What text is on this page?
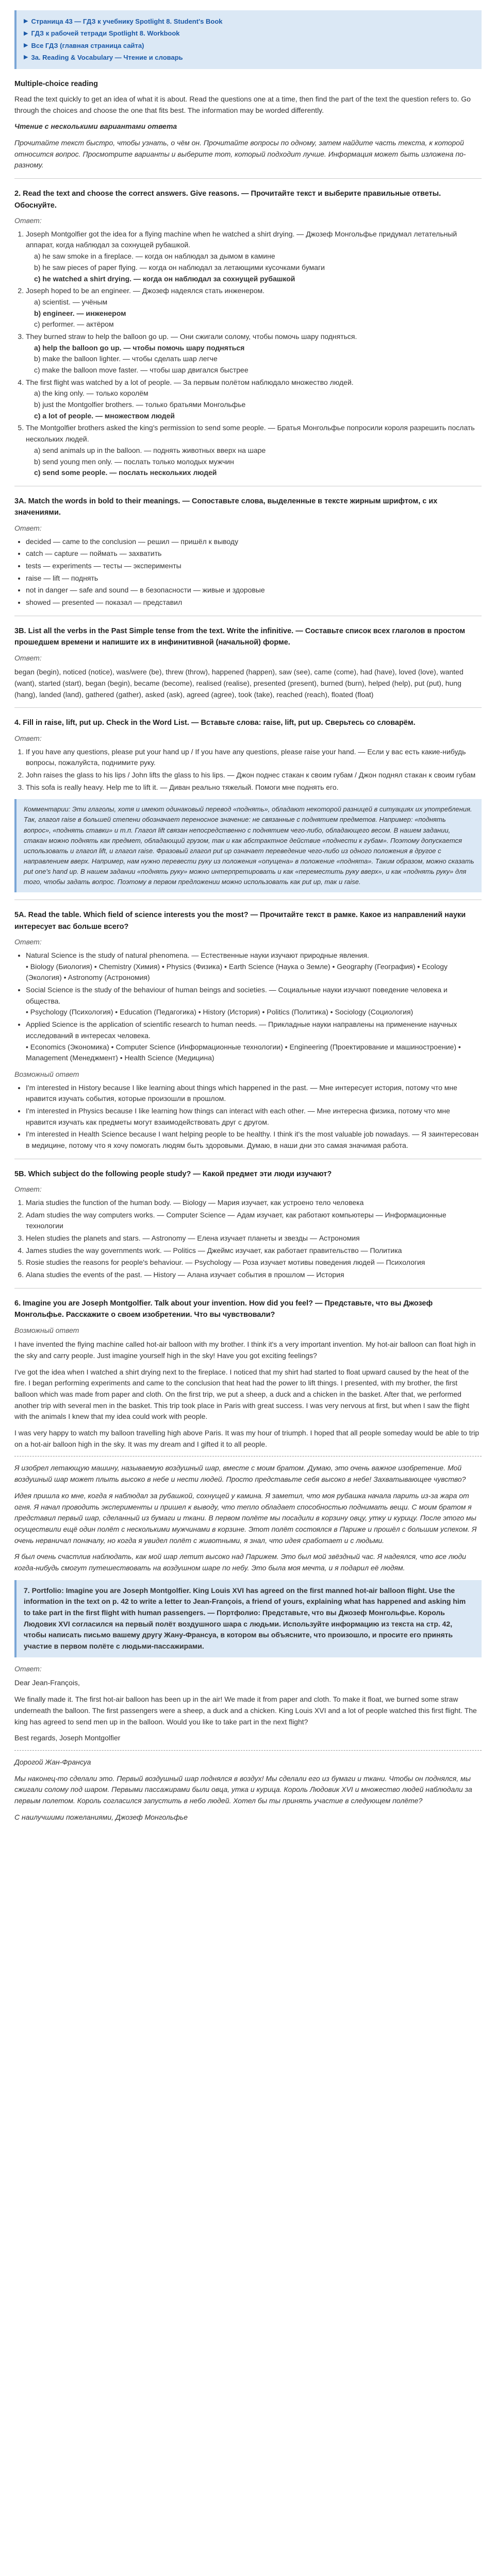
▶ Страница 43 — ГДЗ к учебнику Spotlight 8. Student's Book
▶ ГДЗ к рабочей тетради Spotlight 8. Workbook
▶ Все ГДЗ (главная страница сайта)
▶ 3a. Reading & Vocabulary — Чтение и словарь
Multiple-choice reading

Read the text quickly to get an idea of what it is about. Read the questions one at a time, then find the part of the text the question refers to. Go through the choices and choose the one that fits best. The information may be worded differently.

Чтение с несколькими вариантами ответа

Прочитайте текст быстро, чтобы узнать, о чём он. Прочитайте вопросы по одному, затем найдите часть текста, к которой относится вопрос. Просмотрите варианты и выберите тот, который подходит лучше. Информация может быть изложена по-разному.

2. Read the text and choose the correct answers. Give reasons. — Прочитайте текст и выберите правильные ответы. Обоснуйте.

Ответ:

1. Joseph Montgolfier got the idea for a flying machine when he watched a shirt drying. — Джозеф Монгольфье придумал летательный аппарат, когда наблюдал за сохнущей рубашкой.
a) he saw smoke in a fireplace. — когда он наблюдал за дымом в камине
b) he saw pieces of paper flying. — когда он наблюдал за летающими кусочками бумаги
c) he watched a shirt drying. — когда он наблюдал за сохнущей рубашкой
2. Joseph hoped to be an engineer. — Джозеф надеялся стать инженером.
a) scientist. — учёным
b) engineer. — инженером
c) performer. — актёром
3. They burned straw to help the balloon go up. — Они сжигали солому, чтобы помочь шару подняться.
a) help the balloon go up. — чтобы помочь шару подняться
b) make the balloon lighter. — чтобы сделать шар легче
c) make the balloon move faster. — чтобы шар двигался быстрее
4. The first flight was watched by a lot of people. — За первым полётом наблюдало множество людей.
a) the king only. — только королём
b) just the Montgolfier brothers. — только братьями Монгольфье
c) a lot of people. — множеством людей
5. The Montgolfier brothers asked the king's permission to send some people. — Братья Монгольфье попросили короля разрешить послать нескольких людей.
a) send animals up in the balloon. — поднять животных вверх на шаре
b) send young men only. — послать только молодых мужчин
c) send some people. — послать нескольких людей
3A. Match the words in bold to their meanings. — Сопоставьте слова, выделенные в тексте жирным шрифтом, с их значениями.

Ответ:

• decided — came to the conclusion — решил — пришёл к выводу
• catch — capture — поймать — захватить
• tests — experiments — тесты — эксперименты
• raise — lift — поднять
• not in danger — safe and sound — в безопасности — живые и здоровые
• showed — presented — показал — представил
3B. List all the verbs in the Past Simple tense from the text. Write the infinitive. — Составьте список всех глаголов в простом прошедшем времени и напишите их в инфинитивной (начальной) форме.

Ответ:

began (begin), noticed (notice), was/were (be), threw (throw), happened (happen), saw (see), came (come), had (have), loved (love), wanted (want), started (start), began (begin), became (become), realised (realise), presented (present), burned (burn), helped (help), put (put), hung (hang), landed (land), gathered (gather), asked (ask), agreed (agree), took (take), reached (reach), floated (float)

4. Fill in raise, lift, put up. Check in the Word List. — Вставьте слова: raise, lift, put up. Сверьтесь со словарём.

Ответ:

1. If you have any questions, please put your hand up / If you have any questions, please raise your hand. — Если у вас есть какие-нибудь вопросы, пожалуйста, поднимите руку.
2. John raises the glass to his lips / John lifts the glass to his lips. — Джон поднес стакан к своим губам / Джон поднял стакан к своим губам
3. This sofa is really heavy. Help me to lift it. — Диван реально тяжелый. Помоги мне поднять его.
Комментарии: Эти глаголы, хотя и имеют одинаковый перевод «поднять», обладают некоторой разницей в ситуациях их употребления. Так, глагол raise в большей степени обозначает переносное значение: не связанные с поднятием предметов. Например: «поднять вопрос», «поднять ставки» и т.п. Глагол lift связан непосредственно с поднятием чего-либо, обладающего весом. В нашем задании, стакан можно поднять как предмет, обладающий грузом, так и как абстрактное действие «поднести к губам». Поэтому допускается использовать и глагол lift, и глагол raise. Фразовый глагол put up означает переведение чего-либо из одного положения в другое с направлением вверх. Например, нам нужно перевести руку из положения «опущена» в положение «поднята». Таким образом, можно сказать put one's hand up. В нашем задании «поднять руку» можно интерпретировать и как «переместить руку вверх», и как «поднять руку» для того, чтобы задать вопрос. Поэтому в первом предложении можно использовать как put up, так и raise.
5A. Read the table. Which field of science interests you the most? — Прочитайте текст в рамке. Какое из направлений науки интересует вас больше всего?

Ответ:

• Natural Science is the study of natural phenomena. — Естественные науки изучают природные явления.
• Biology (Биология) • Chemistry (Химия) • Physics (Физика) • Earth Science (Наука о Земле) • Geography (География) • Ecology (Экология) • Astronomy (Астрономия)
• Social Science is the study of the behaviour of human beings and societies. — Социальные науки изучают поведение человека и общества.
• Psychology (Психология) • Education (Педагогика) • History (История) • Politics (Политика) • Sociology (Социология)
• Applied Science is the application of scientific research to human needs. — Прикладные науки направлены на применение научных исследований в интересах человека.
• Economics (Экономика) • Computer Science (Информационные технологии) • Engineering (Проектирование и машиностроение) • Management (Менеджмент) • Health Science (Медицина)

Возможный ответ

• I'm interested in History because I like learning about things which happened in the past. — Мне интересует история, потому что мне нравится изучать события, которые произошли в прошлом.
• I'm interested in Physics because I like learning how things can interact with each other. — Мне интересна физика, потому что мне нравится изучать как предметы могут взаимодействовать друг с другом.
• I'm interested in Health Science because I want helping people to be healthy. I think it's the most valuable job nowadays. — Я заинтересован в медицине, потому что я хочу помогать людям быть здоровыми. Думаю, в наши дни это самая значимая работа.
5B. Which subject do the following people study? — Какой предмет эти люди изучают?

Ответ:

1. Maria studies the function of the human body. — Biology — Мария изучает, как устроено тело человека
2. Adam studies the way computers works. — Computer Science — Адам изучает, как работают компьютеры — Информационные технологии
3. Helen studies the planets and stars. — Astronomy — Елена изучает планеты и звезды — Астрономия
4. James studies the way governments work. — Politics — Джеймс изучает, как работает правительство — Политика
5. Rosie studies the reasons for people's behaviour. — Psychology — Роза изучает мотивы поведения людей — Психология
6. Alana studies the events of the past. — History — Алана изучает события в прошлом — История
6. Imagine you are Joseph Montgolfier. Talk about your invention. How did you feel? — Представьте, что вы Джозеф Монгольфье. Расскажите о своем изобретении. Что вы чувствовали?

Возможный ответ

I have invented the flying machine called hot-air balloon with my brother. I think it's a very important invention. My hot-air balloon can float high in the sky and carry people. Just imagine yourself high in the sky! Have you got exciting feelings?

I've got the idea when I watched a shirt drying next to the fireplace. I noticed that my shirt had started to float upward caused by the heat of the fire. I began performing experiments and came to the conclusion that heat had the power to lift things. I presented, with my brother, the first balloon which was made from paper and cloth. On the first trip, we put a sheep, a duck and a chicken in the basket. After that, we performed another trip with several men in the basket. This trip took place in Paris with great success. I was very nervous at first, but when I saw the flight with the animals I knew that my idea could work with people.

I was very happy to watch my balloon travelling high above Paris. It was my hour of triumph. I hoped that all people someday would be able to trip on a hot-air balloon high in the sky. It was my dream and I gifted it to all people.

Я изобрел летающую машину, называемую воздушный шар, вместе с моим братом. Думаю, это очень важное изобретение. Мой воздушный шар может плыть высоко в небе и нести людей. Просто представьте себя высоко в небе! Захватывающее чувство?

Идея пришла ко мне, когда я наблюдал за рубашкой, сохнущей у камина. Я заметил, что моя рубашка начала парить из-за жара от огня. Я начал проводить эксперименты и пришел к выводу, что тепло обладает способностью поднимать вещи. С моим братом я представил первый шар, сделанный из бумаги и ткани. В первом полёте мы посадили в корзину овцу, утку и курицу. После этого мы осуществили ещё один полёт с несколькими мужчинами в корзине. Этот полёт состоялся в Париже и прошёл с большим успехом. Я очень нервничал поначалу, но когда я увидел полёт с животными, я знал, что идея сработает и с людьми.

Я был очень счастлив наблюдать, как мой шар летит высоко над Парижем. Это был мой звёздный час. Я надеялся, что все люди когда-нибудь смогут путешествовать на воздушном шаре по небу. Это была моя мечта, и я подарил её людям.

7. Portfolio: Imagine you are Joseph Montgolfier. King Louis XVI has agreed on the first manned hot-air balloon flight. Use the information in the text on p. 42 to write a letter to Jean-François, a friend of yours, explaining what has happened and asking him to take part in the first flight with human passengers. — Портфолио: Представьте, что вы Джозеф Монгольфье. Король Людовик XVI согласился на первый полёт воздушного шара с людьми. Используйте информацию из текста на стр. 42, чтобы написать письмо вашему другу Жану-Франсуа, в котором вы объясните, что произошло, и просите его принять участие в первом полёте с людьми-пассажирами.

Ответ:

Dear Jean-François,

We finally made it. The first hot-air balloon has been up in the air! We made it from paper and cloth. To make it float, we burned some straw underneath the balloon. The first passengers were a sheep, a duck and a chicken. King Louis XVI and a lot of people watched this first flight. The king has agreed to send men up in the balloon. Would you like to take part in the next flight?

Best regards, Joseph Montgolfier

Дорогой Жан-Франсуа

Мы наконец-то сделали это. Первый воздушный шар поднялся в воздух! Мы сделали его из бумаги и ткани. Чтобы он поднялся, мы сжигали солому под шаром. Первыми пассажирами были овца, утка и курица. Король Людовик XVI и множество людей наблюдали за первым полетом. Король согласился запустить в небо людей. Хотел бы ты принять участие в следующем полёте?

С наилучшими пожеланиями, Джозеф Монгольфье
